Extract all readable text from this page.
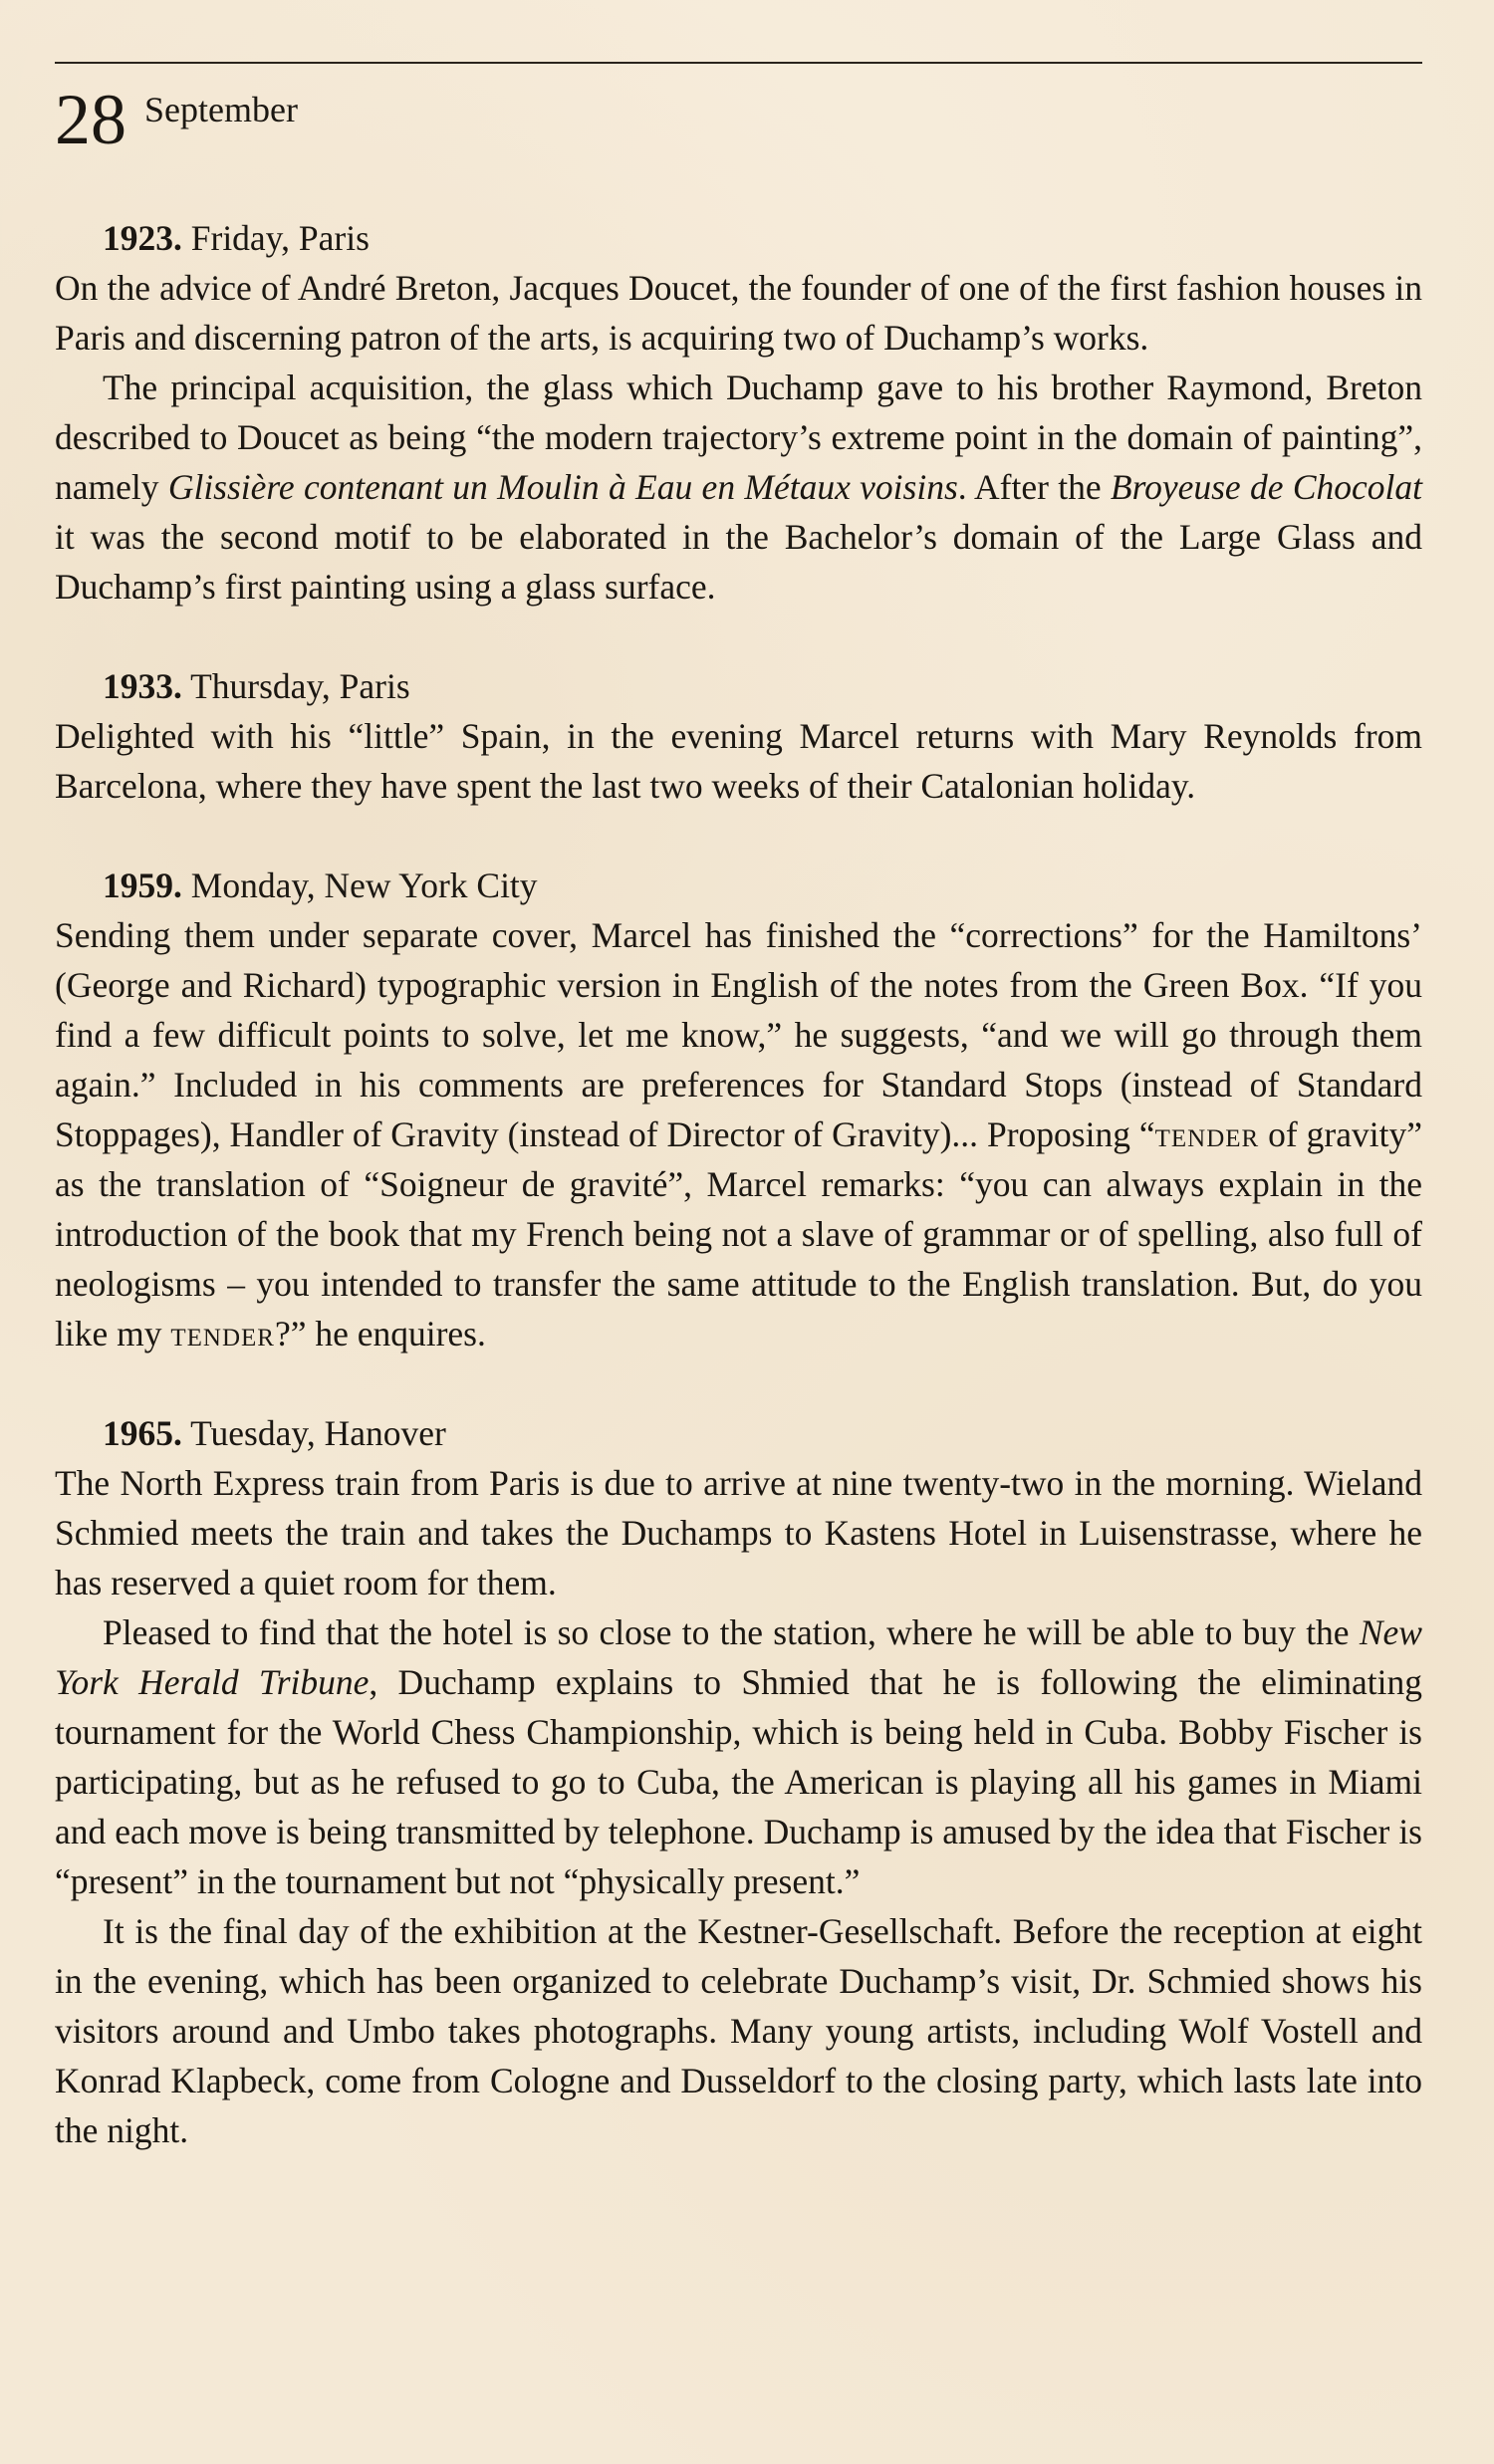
28 September

1923. Friday, Paris

On the advice of André Breton, Jacques Doucet, the founder of one of the first fashion houses in Paris and discerning patron of the arts, is acquiring two of Duchamp’s works.

The principal acquisition, the glass which Duchamp gave to his brother Raymond, Breton described to Doucet as being “the modern trajectory’s extreme point in the domain of painting”, namely Glissière contenant un Moulin à Eau en Métaux voisins. After the Broyeuse de Chocolat it was the second motif to be elaborated in the Bachelor’s domain of the Large Glass and Duchamp’s first painting using a glass surface.

1933. Thursday, Paris

Delighted with his “little” Spain, in the evening Marcel returns with Mary Reynolds from Barcelona, where they have spent the last two weeks of their Catalonian holiday.

1959. Monday, New York City

Sending them under separate cover, Marcel has finished the “corrections” for the Hamiltons’ (George and Richard) typographic version in English of the notes from the Green Box. “If you find a few difficult points to solve, let me know,” he suggests, “and we will go through them again.” Included in his comments are preferences for Standard Stops (instead of Standard Stoppages), Handler of Gravity (instead of Director of Gravity)... Proposing “tender of gravity” as the translation of “Soigneur de gravité”, Marcel remarks: “you can always explain in the introduction of the book that my French being not a slave of grammar or of spelling, also full of neologisms – you intended to transfer the same attitude to the English translation. But, do you like my tender?” he enquires.

1965. Tuesday, Hanover

The North Express train from Paris is due to arrive at nine twenty-two in the morning. Wieland Schmied meets the train and takes the Duchamps to Kastens Hotel in Luisenstrasse, where he has reserved a quiet room for them.

Pleased to find that the hotel is so close to the station, where he will be able to buy the New York Herald Tribune, Duchamp explains to Shmied that he is following the eliminating tournament for the World Chess Championship, which is being held in Cuba. Bobby Fischer is participating, but as he refused to go to Cuba, the American is playing all his games in Miami and each move is being transmitted by telephone. Duchamp is amused by the idea that Fischer is “present” in the tournament but not “physically present.”

It is the final day of the exhibition at the Kestner-Gesellschaft. Before the reception at eight in the evening, which has been organized to celebrate Duchamp’s visit, Dr. Schmied shows his visitors around and Umbo takes photographs. Many young artists, including Wolf Vostell and Konrad Klapbeck, come from Cologne and Dusseldorf to the closing party, which lasts late into the night.
